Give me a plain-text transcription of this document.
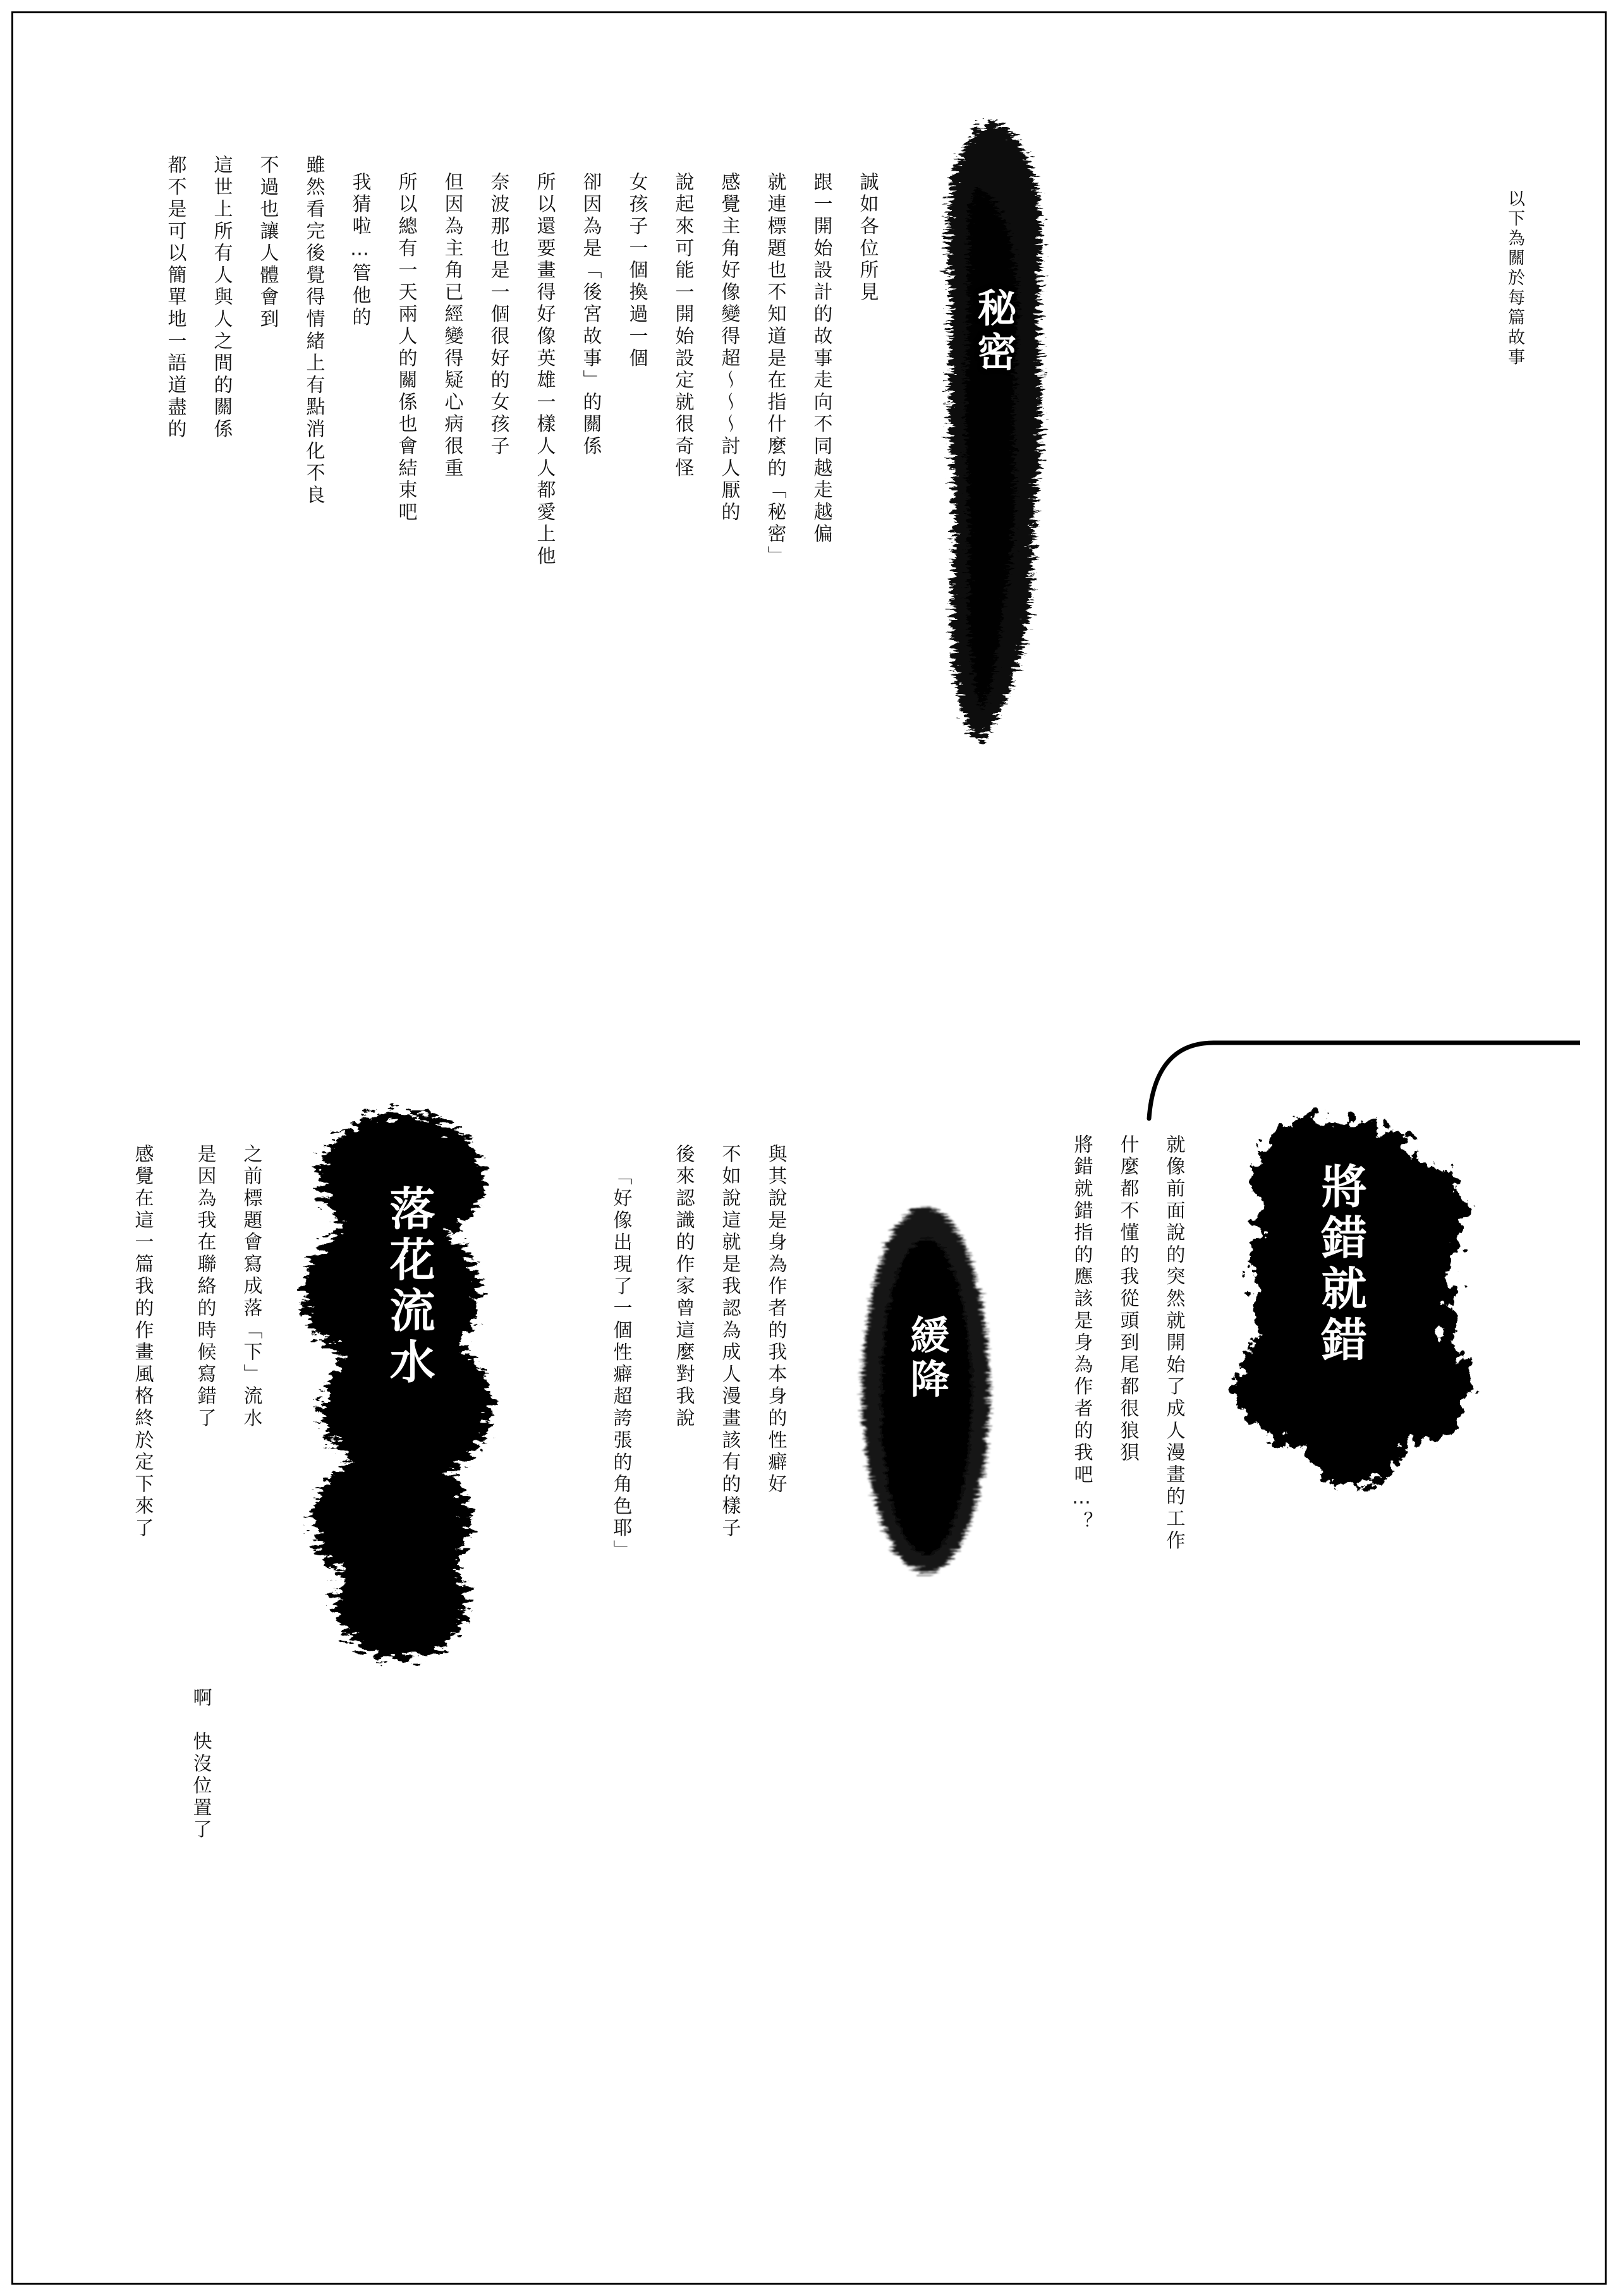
以下為關於每篇故事
秘密
誠如各位所見
跟一開始設計的故事走向不同越走越偏
就連標題也不知道是在指什麼的「秘密」
感覺主角好像變得超～～～討人厭的
說起來可能一開始設定就很奇怪
女孩子一個換過一個
卻因為是「後宮故事」的關係
所以還要畫得好像英雄一樣人人都愛上他
奈波那也是一個很好的女孩子
但因為主角已經變得疑心病很重
所以總有一天兩人的關係也會結束吧
我猜啦…管他的
雖然看完後覺得情緒上有點消化不良
不過也讓人體會到
這世上所有人與人之間的關係
都不是可以簡單地一語道盡的
將錯就錯
就像前面說的突然就開始了成人漫畫的工作
什麼都不懂的我從頭到尾都很狼狽
將錯就錯指的應該是身為作者的我吧…？
緩降
與其說是身為作者的我本身的性癖好
不如說這就是我認為成人漫畫該有的樣子
後來認識的作家曾這麼對我說
「好像出現了一個性癖超誇張的角色耶」
落花流水
之前標題會寫成落「下」流水
是因為我在聯絡的時候寫錯了
感覺在這一篇我的作畫風格終於定下來了
啊　快沒位置了
